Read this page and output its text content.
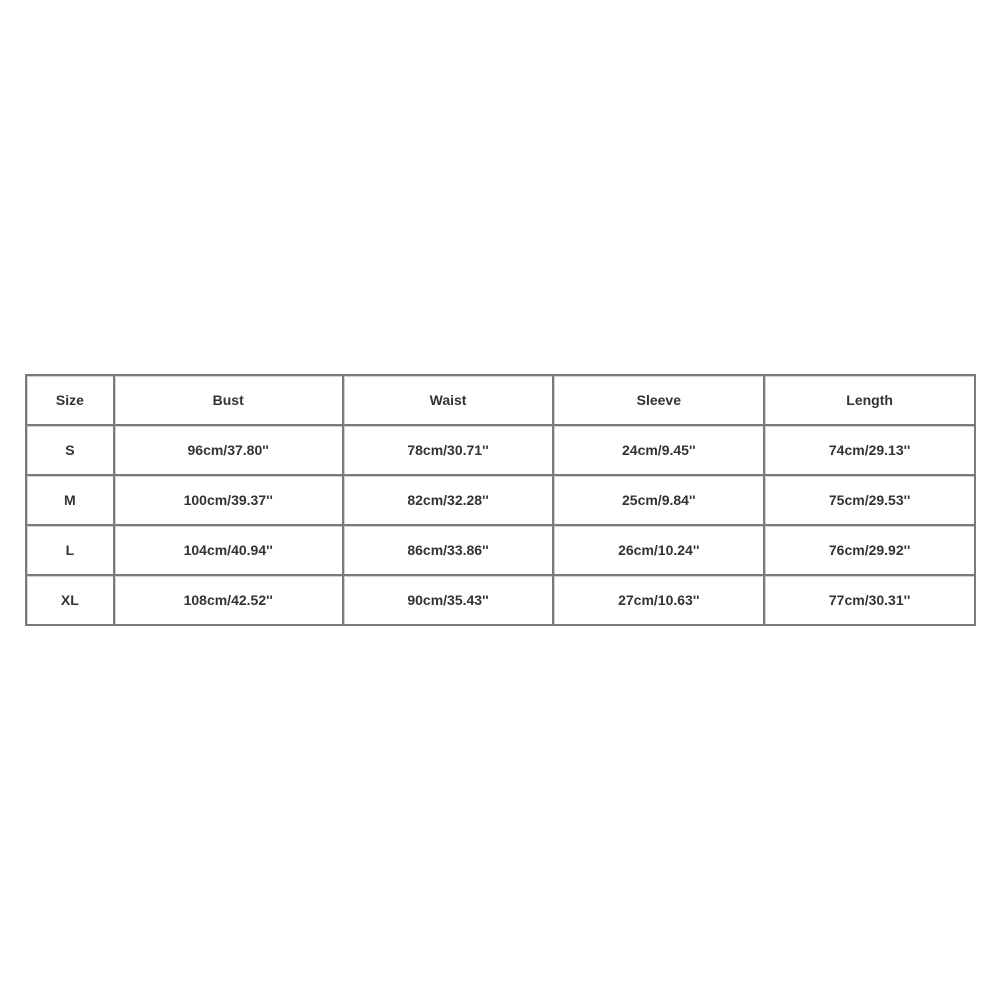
Size	Bust	Waist	Sleeve	Length
S	96cm/37.80''	78cm/30.71''	24cm/9.45''	74cm/29.13''
M	100cm/39.37''	82cm/32.28''	25cm/9.84''	75cm/29.53''
L	104cm/40.94''	86cm/33.86''	26cm/10.24''	76cm/29.92''
XL	108cm/42.52''	90cm/35.43''	27cm/10.63''	77cm/30.31''
